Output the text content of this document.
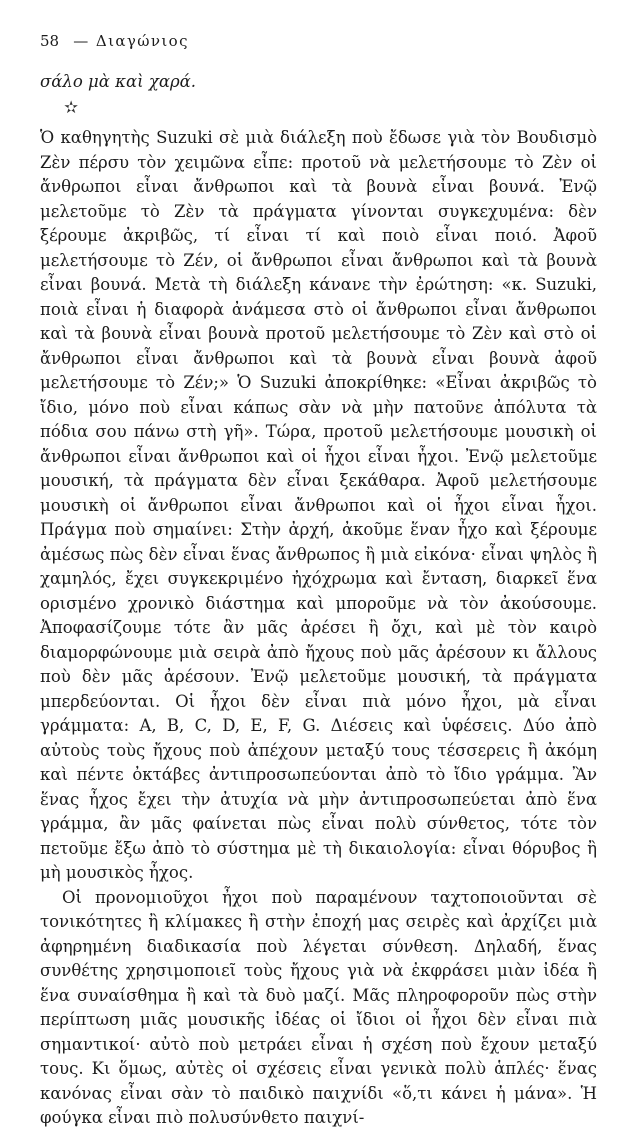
58 — Διαγώνιος
σάλο μὰ καὶ χαρά.
✫

Ὁ καθηγητὴς Suzuki σὲ μιὰ διάλεξη ποὺ ἔδωσε γιὰ τὸν Βουδισμὸ Ζὲν πέρσυ τὸν χειμῶνα εἶπε: προτοῦ νὰ μελετήσουμε τὸ Ζὲν οἱ ἄνθρωποι εἶναι ἄνθρωποι καὶ τὰ βουνὰ εἶναι βουνά. Ἐνῷ μελετοῦμε τὸ Ζὲν τὰ πράγματα γίνονται συγκεχυμένα: δὲν ξέρουμε ἀκριβῶς, τί εἶναι τί καὶ ποιὸ εἶναι ποιό. Ἀφοῦ μελετήσουμε τὸ Ζέν, οἱ ἄνθρωποι εἶναι ἄνθρωποι καὶ τὰ βουνὰ εἶναι βουνά. Μετὰ τὴ διάλεξη κάνανε τὴν ἐρώτηση: «κ. Suzuki, ποιὰ εἶναι ἡ διαφορὰ ἀνάμεσα στὸ οἱ ἄνθρωποι εἶναι ἄνθρωποι καὶ τὰ βουνὰ εἶναι βουνὰ προτοῦ μελετήσουμε τὸ Ζὲν καὶ στὸ οἱ ἄνθρωποι εἶναι ἄνθρωποι καὶ τὰ βουνὰ εἶναι βουνὰ ἀφοῦ μελετήσουμε τὸ Ζέν;» Ὁ Suzuki ἀποκρίθηκε: «Εἶναι ἀκριβῶς τὸ ἴδιο, μόνο ποὺ εἶναι κάπως σὰν νὰ μὴν πατοῦνε ἀπόλυτα τὰ πόδια σου πάνω στὴ γῆ». Τώρα, προτοῦ μελετήσουμε μουσικὴ οἱ ἄνθρωποι εἶναι ἄνθρωποι καὶ οἱ ἦχοι εἶναι ἦχοι. Ἐνῷ μελετοῦμε μουσική, τὰ πράγματα δὲν εἶναι ξεκάθαρα. Ἀφοῦ μελετήσουμε μουσικὴ οἱ ἄνθρωποι εἶναι ἄνθρωποι καὶ οἱ ἦχοι εἶναι ἦχοι. Πράγμα ποὺ σημαίνει: Στὴν ἀρχή, ἀκοῦμε ἕναν ἦχο καὶ ξέρουμε ἀμέσως πὼς δὲν εἶναι ἕνας ἄνθρωπος ἢ μιὰ εἰκόνα· εἶναι ψηλὸς ἢ χαμηλός, ἔχει συγκεκριμένο ἠχόχρωμα καὶ ἔνταση, διαρκεῖ ἕνα ορισμένο χρονικὸ διάστημα καὶ μποροῦμε νὰ τὸν ἀκούσουμε. Ἀποφασίζουμε τότε ἂν μᾶς ἀρέσει ἢ ὄχι, καὶ μὲ τὸν καιρὸ διαμορφώνουμε μιὰ σειρὰ ἀπὸ ἤχους ποὺ μᾶς ἀρέσουν κι ἄλλους ποὺ δὲν μᾶς ἀρέσουν. Ἐνῷ μελετοῦμε μουσική, τὰ πράγματα μπερδεύονται. Οἱ ἦχοι δὲν εἶναι πιὰ μόνο ἦχοι, μὰ εἶναι γράμματα: A, B, C, D, E, F, G. Διέσεις καὶ ὑφέσεις. Δύο ἀπὸ αὐτοὺς τοὺς ἤχους ποὺ ἀπέχουν μεταξύ τους τέσσερεις ἢ ἀκόμη καὶ πέντε ὀκτάβες ἀντιπροσωπεύονται ἀπὸ τὸ ἴδιο γράμμα. Ἂν ἕνας ἦχος ἔχει τὴν ἀτυχία νὰ μὴν ἀντιπροσωπεύεται ἀπὸ ἕνα γράμμα, ἂν μᾶς φαίνεται πὼς εἶναι πολὺ σύνθετος, τότε τὸν πετοῦμε ἔξω ἀπὸ τὸ σύστημα μὲ τὴ δικαιολογία: εἶναι θόρυβος ἢ μὴ μουσικὸς ἦχος.

Οἱ προνομιοῦχοι ἦχοι ποὺ παραμένουν ταχτοποιοῦνται σὲ τονικότητες ἢ κλίμακες ἢ στὴν ἐποχή μας σειρὲς καὶ ἀρχίζει μιὰ ἀφηρημένη διαδικασία ποὺ λέγεται σύνθεση. Δηλαδή, ἕνας συνθέτης χρησιμοποιεῖ τοὺς ἤχους γιὰ νὰ ἐκφράσει μιὰν ἰδέα ἢ ἕνα συναίσθημα ἢ καὶ τὰ δυὸ μαζί. Μᾶς πληροφοροῦν πὼς στὴν περίπτωση μιᾶς μουσικῆς ἰδέας οἱ ἴδιοι οἱ ἦχοι δὲν εἶναι πιὰ σημαντικοί· αὐτὸ ποὺ μετράει εἶναι ἡ σχέση ποὺ ἔχουν μεταξύ τους. Κι ὅμως, αὐτὲς οἱ σχέσεις εἶναι γενικὰ πολὺ ἁπλές· ἕνας κανόνας εἶναι σὰν τὸ παιδικὸ παιχνίδι «ὅ,τι κάνει ἡ μάνα». Ἡ φούγκα εἶναι πιὸ πολυσύνθετο παιχνί-
